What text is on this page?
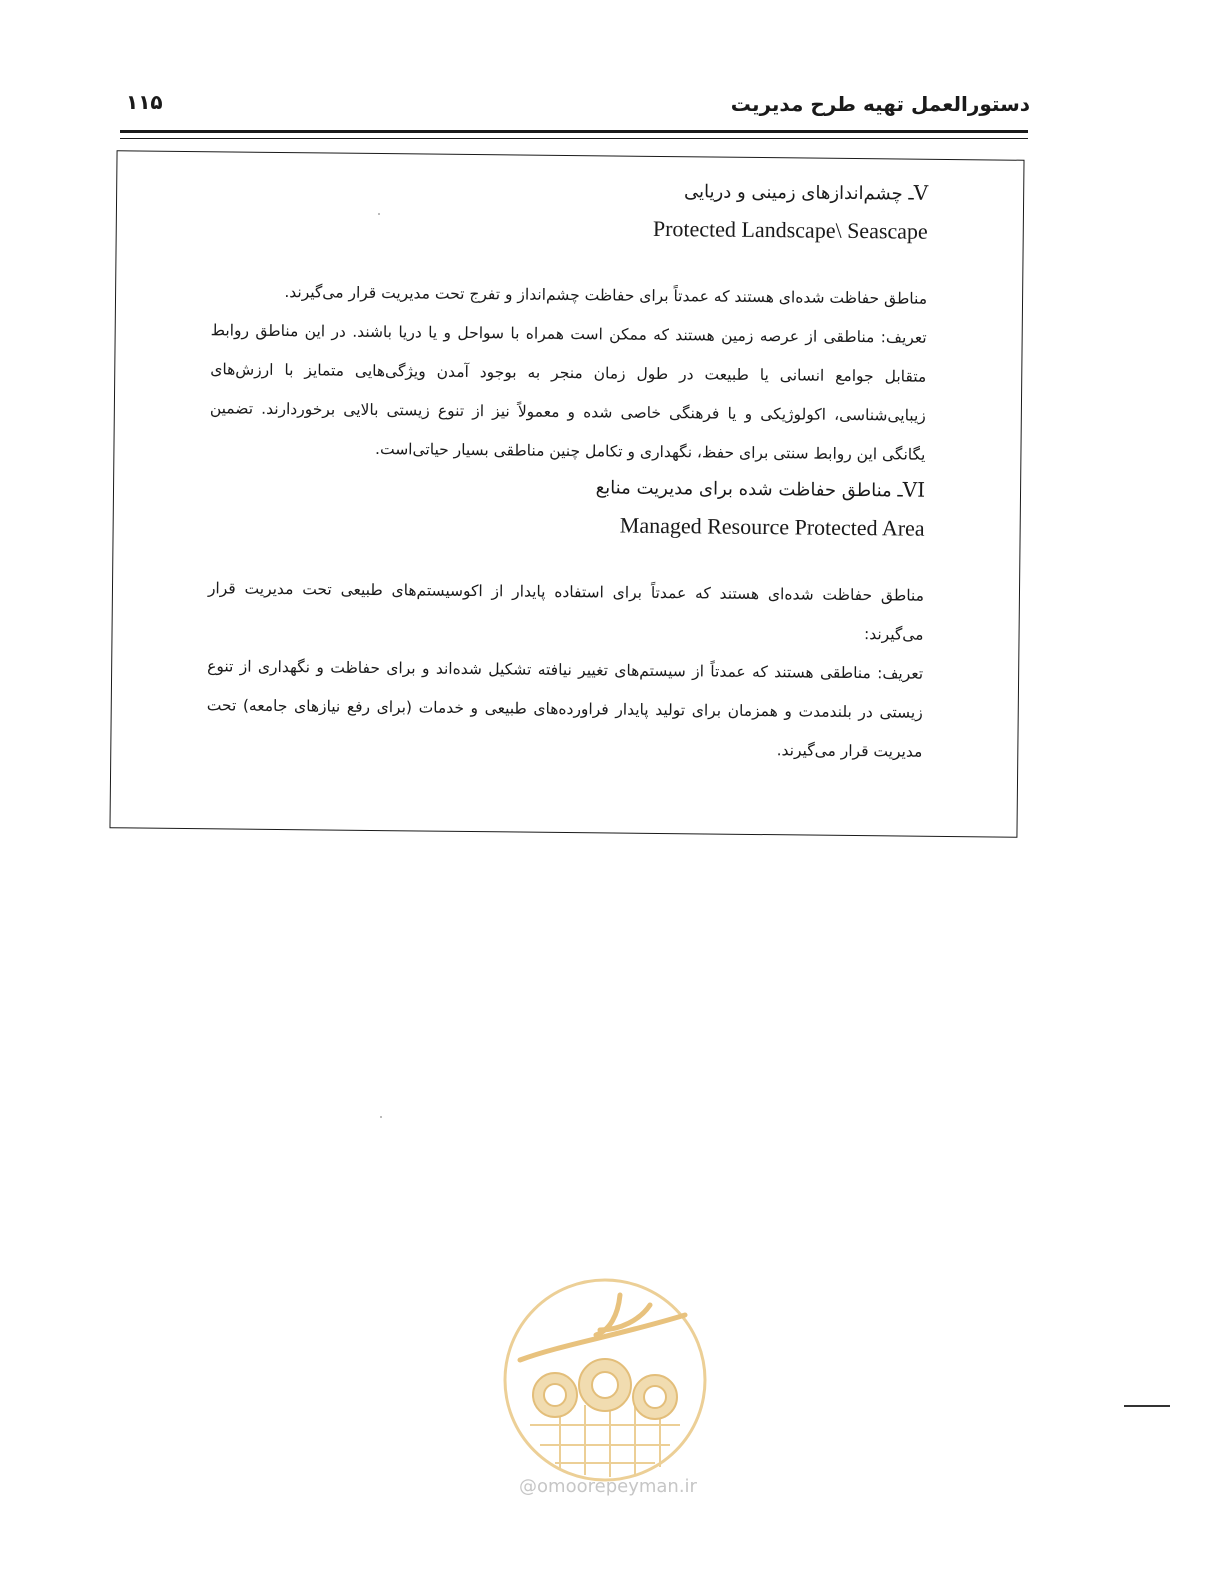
دستورالعمل تهیه طرح مدیریت
۱۱۵
Vـ چشم‌اندازهای زمینی و دریایی
Protected Landscape\ Seascape

مناطق حفاظت شده‌ای هستند که عمدتاً برای حفاظت چشم‌انداز و تفرج تحت مدیریت قرار می‌گیرند.

تعریف: مناطقی از عرصه زمین هستند که ممکن است همراه با سواحل و یا دریا باشند. در این مناطق روابط متقابل جوامع انسانی یا طبیعت در طول زمان منجر به بوجود آمدن ویژگی‌هایی متمایز با ارزش‌های زیبایی‌شناسی، اکولوژیکی و یا فرهنگی خاصی شده و معمولاً نیز از تنوع زیستی بالایی برخوردارند. تضمین یگانگی این روابط سنتی برای حفظ، نگهداری و تکامل چنین مناطقی بسیار حیاتی‌است.

VIـ مناطق حفاظت شده برای مدیریت منابع
Managed Resource Protected Area

مناطق حفاظت شده‌ای هستند که عمدتاً برای استفاده پایدار از اکوسیستم‌های طبیعی تحت مدیریت قرار می‌گیرند:

تعریف: مناطقی هستند که عمدتاً از سیستم‌های تغییر نیافته تشکیل شده‌اند و برای حفاظت و نگهداری از تنوع زیستی در بلندمدت و همزمان برای تولید پایدار فراورده‌های طبیعی و خدمات (برای رفع نیازهای جامعه) تحت مدیریت قرار می‌گیرند.

@omoorepeyman.ir
